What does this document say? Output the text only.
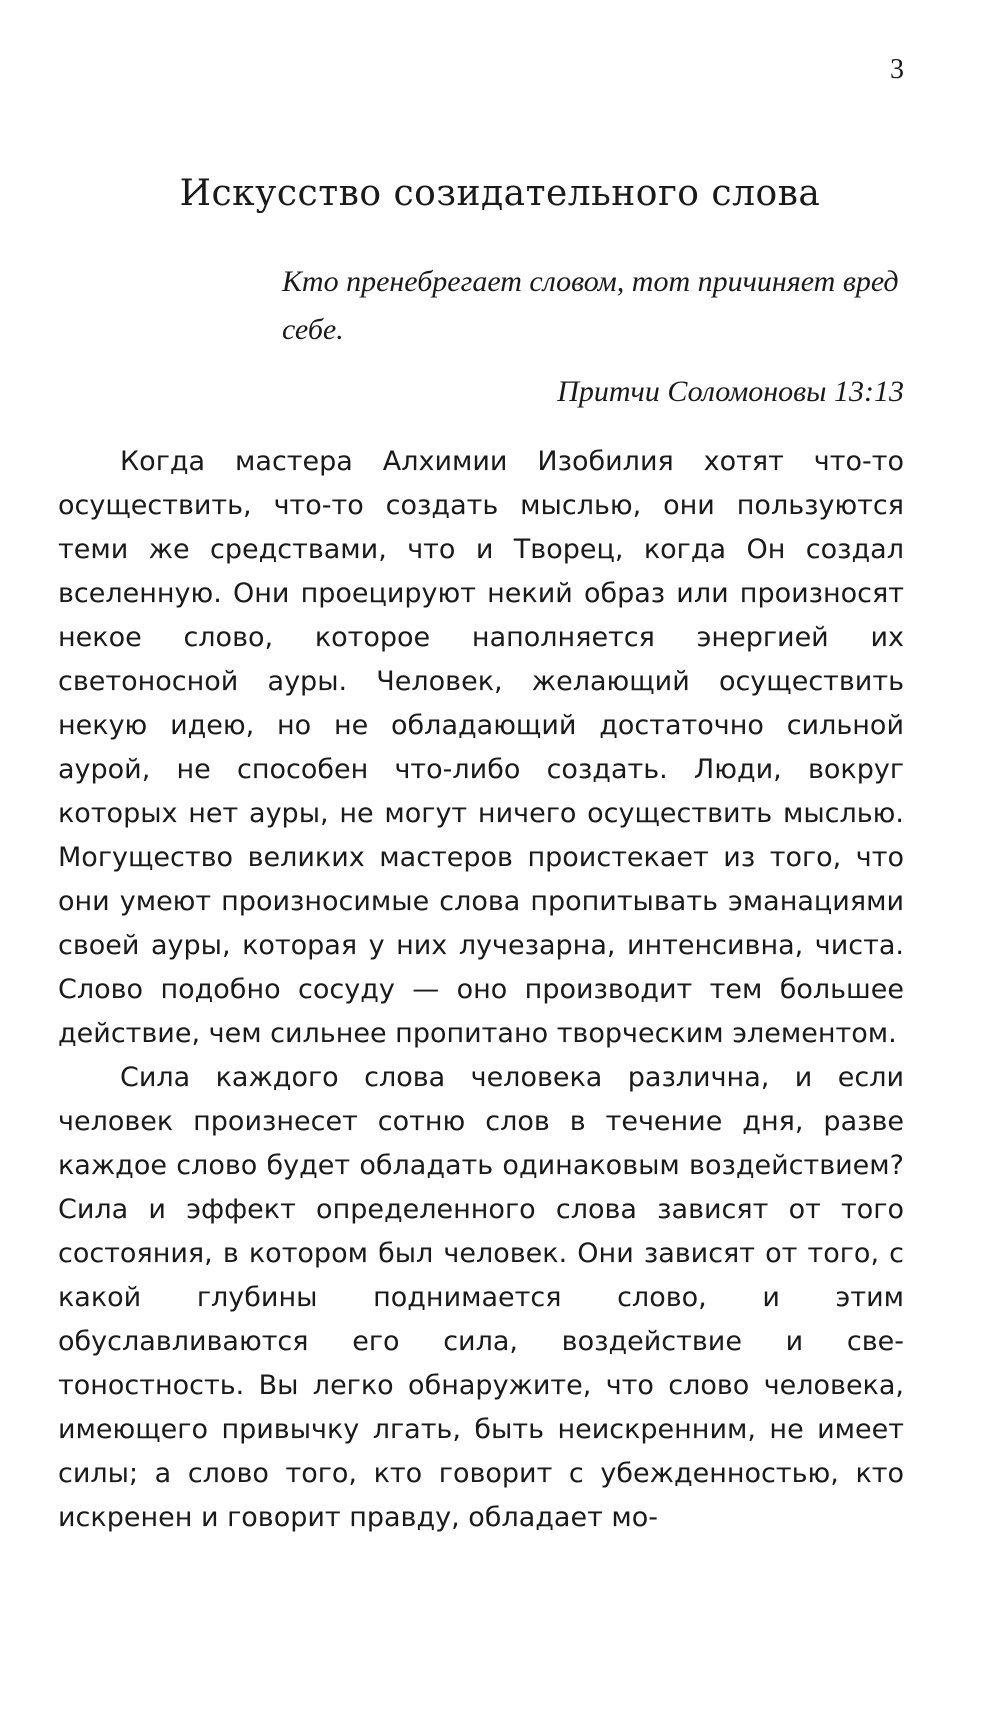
3
Искусство созидательного слова
Кто пренебрегает словом, тот причиняет вред себе.
Притчи Соломоновы 13:13

Когда мастера Алхимии Изобилия хотят что-то осуществить, что-то создать мыслью, они пользуются теми же средствами, что и Творец, когда Он создал вселенную. Они проецируют некий образ или произносят некое слово, которое наполняется энергией их светоносной ауры. Человек, желающий осуществить некую идею, но не обладающий достаточно сильной аурой, не способен что-либо создать. Люди, вокруг которых нет ауры, не могут ничего осуществить мыслью. Могущество великих мастеров проистекает из того, что они умеют произносимые слова пропитывать эманациями своей ауры, которая у них лучезарна, интенсивна, чиста. Слово подобно сосуду — оно производит тем большее действие, чем сильнее пропитано творческим элементом.

Сила каждого слова человека различна, и если человек произнесет сотню слов в течение дня, разве каждое слово будет обладать одинаковым воздействием? Сила и эффект определенного слова зависят от того состояния, в котором был человек. Они зависят от того, с какой глубины поднимается слово, и этим обуславливаются его сила, воздействие и светоностность. Вы легко обнаружите, что слово человека, имеющего привычку лгать, быть неискренним, не имеет силы; а слово того, кто говорит с убежденностью, кто искренен и говорит правду, обладает мо-
